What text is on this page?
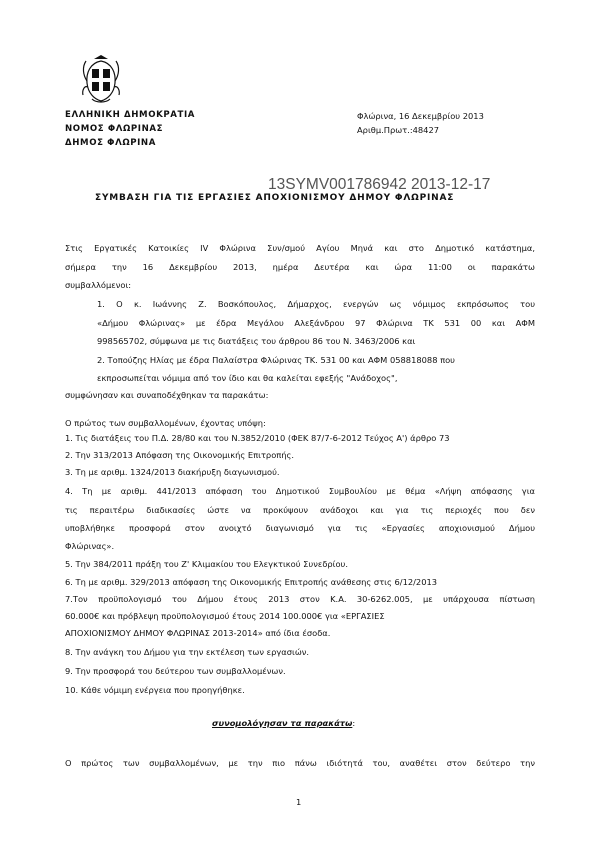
ΕΛΛΗΝΙΚΗ ΔΗΜΟΚΡΑΤΙΑ
ΝΟΜΟΣ ΦΛΩΡΙΝΑΣ
ΔΗΜΟΣ ΦΛΩΡΙΝΑ
Φλώρινα, 16 Δεκεμβρίου 2013
Αριθμ.Πρωτ.:48427
13SYMV001786942 2013-12-17
ΣΥΜΒΑΣΗ ΓΙΑ ΤΙΣ ΕΡΓΑΣΙΕΣ ΑΠΟΧΙΟΝΙΣΜΟΥ ΔΗΜΟΥ ΦΛΩΡΙΝΑΣ
Στις Εργατικές Κατοικίες IV Φλώρινα Συν/σμού Αγίου Μηνά και στο Δημοτικό κατάστημα,
σήμερα την 16 Δεκεμβρίου 2013, ημέρα Δευτέρα και ώρα 11:00 οι παρακάτω
συμβαλλόμενοι:
1. Ο κ. Ιωάννης Ζ. Βοσκόπουλος, Δήμαρχος, ενεργών ως νόμιμος εκπρόσωπος του
«Δήμου Φλώρινας» με έδρα Μεγάλου Αλεξάνδρου 97 Φλώρινα ΤΚ 531 00 και ΑΦΜ
998565702, σύμφωνα με τις διατάξεις του άρθρου 86 του Ν. 3463/2006 και
2. Τοπούζης Ηλίας με έδρα Παλαίστρα Φλώρινας ΤΚ. 531 00 και ΑΦΜ 058818088 που
εκπροσωπείται νόμιμα από τον ίδιο και θα καλείται εφεξής "Ανάδοχος",
συμφώνησαν και συναποδέχθηκαν τα παρακάτω:
Ο πρώτος των συμβαλλομένων, έχοντας υπόψη:
1. Τις διατάξεις του Π.Δ. 28/80 και του Ν.3852/2010 (ΦΕΚ 87/7-6-2012 Τεύχος Α') άρθρο 73
2. Την 313/2013 Απόφαση της Οικονομικής Επιτροπής.
3. Τη με αριθμ. 1324/2013 διακήρυξη διαγωνισμού.
4. Τη με αριθμ. 441/2013 απόφαση του Δημοτικού Συμβουλίου με θέμα «Λήψη απόφασης για
τις περαιτέρω διαδικασίες ώστε να προκύψουν ανάδοχοι και για τις περιοχές που δεν
υποβλήθηκε προσφορά στον ανοιχτό διαγωνισμό για τις «Εργασίες αποχιονισμού Δήμου
Φλώρινας».
5. Την 384/2011 πράξη του Ζ' Κλιμακίου του Ελεγκτικού Συνεδρίου.
6. Τη με αριθμ. 329/2013 απόφαση της Οικονομικής Επιτροπής ανάθεσης στις 6/12/2013
7.Τον προϋπολογισμό του Δήμου έτους 2013 στον Κ.Α. 30-6262.005, με υπάρχουσα πίστωση
60.000€ και πρόβλεψη προϋπολογισμού έτους 2014 100.000€ για «ΕΡΓΑΣΙΕΣ
ΑΠΟΧΙΟΝΙΣΜΟΥ ΔΗΜΟΥ ΦΛΩΡΙΝΑΣ 2013-2014» από ίδια έσοδα.
8. Την ανάγκη του Δήμου για την εκτέλεση των εργασιών.
9. Την προσφορά του δεύτερου των συμβαλλομένων.
10. Κάθε νόμιμη ενέργεια που προηγήθηκε.
συνομολόγησαν τα παρακάτω:
Ο πρώτος των συμβαλλομένων, με την πιο πάνω ιδιότητά του, αναθέτει στον δεύτερο την
1
